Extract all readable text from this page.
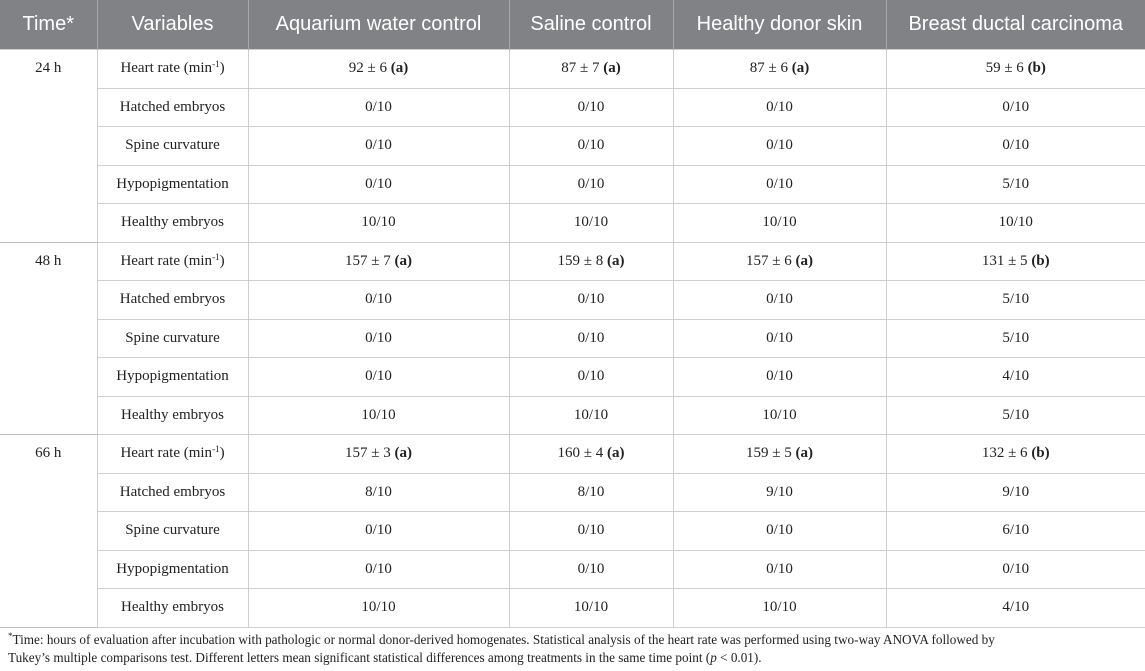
Time*	Variables	Aquarium water control	Saline control	Healthy donor skin	Breast ductal carcinoma
24 h	Heart rate $(\min^{-1})$	92 ± 6 (a)	87 ± 7 (a)	87 ± 6 (a)	59 ± 6 (b)
	Hatched embryos	0/10	0/10	0/10	0/10
	Spine curvature	0/10	0/10	0/10	0/10
	Hypopigmentation	0/10	0/10	0/10	5/10
	Healthy embryos	10/10	10/10	10/10	10/10
48 h	Heart rate $(\min^{-1})$	157 ± 7 (a)	159 ± 8 (a)	157 ± 6 (a)	131 ± 5 (b)
	Hatched embryos	0/10	0/10	0/10	5/10
	Spine curvature	0/10	0/10	0/10	5/10
	Hypopigmentation	0/10	0/10	0/10	4/10
	Healthy embryos	10/10	10/10	10/10	5/10
66 h	Heart rate $(\min^{-1})$	157 ± 3 (a)	160 ± 4 (a)	159 ± 5 (a)	132 ± 6 (b)
	Hatched embryos	8/10	8/10	9/10	9/10
	Spine curvature	0/10	0/10	0/10	6/10
	Hypopigmentation	0/10	0/10	0/10	0/10
	Healthy embryos	10/10	10/10	10/10	4/10
*Time: hours of evaluation after incubation with pathologic or normal donor-derived homogenates. Statistical analysis of the heart rate was performed using two-way ANOVA followed by
Tukey’s multiple comparisons test. Different letters mean significant statistical differences among treatments in the same time point (p < 0.01).
